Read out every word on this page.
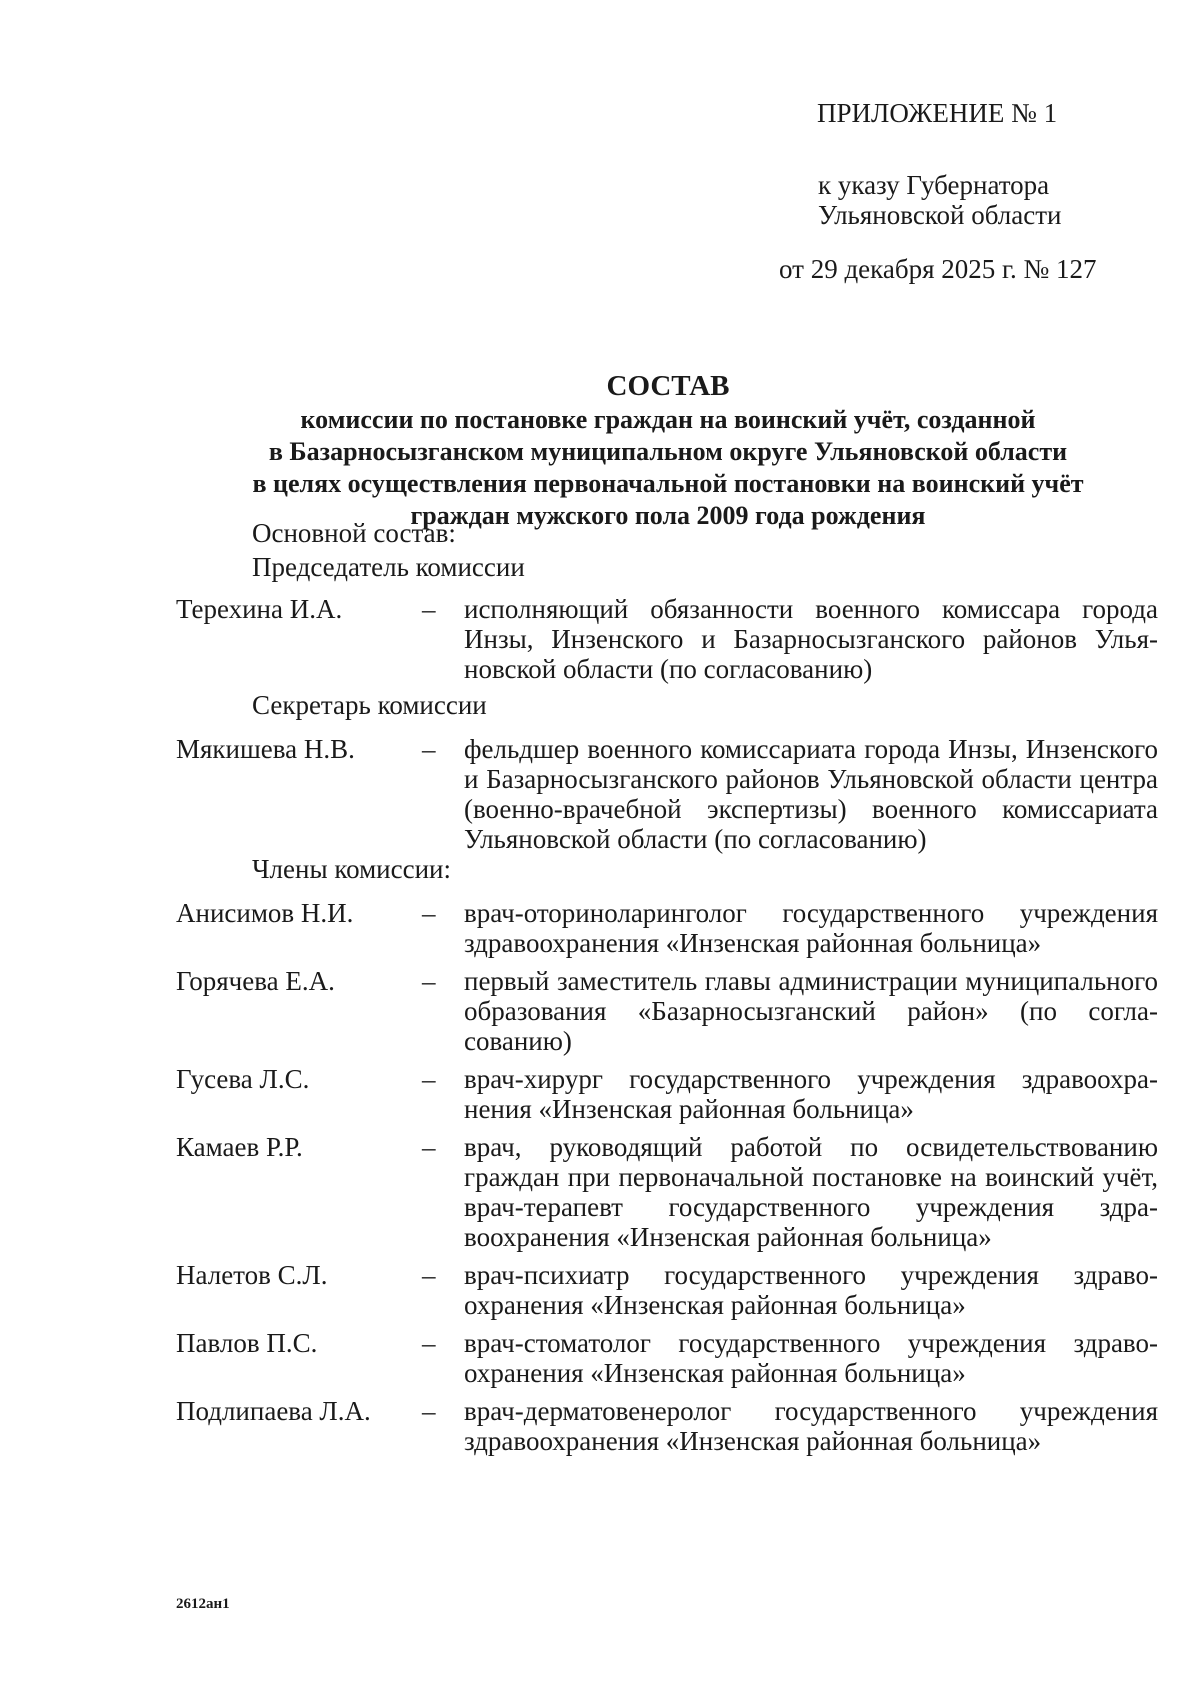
ПРИЛОЖЕНИЕ № 1
к указу Губернатора
Ульяновской области
от 29 декабря 2025 г. № 127
СОСТАВ
комиссии по постановке граждан на воинский учёт, созданной
в Базарносызганском муниципальном округе Ульяновской области
в целях осуществления первоначальной постановки на воинский учёт
граждан мужского пола 2009 года рождения
Основной состав:
Председатель комиссии
Терехина И.А.	– исполняющий обязанности военного комиссара города Инзы, Инзенского и Базарносызганского районов Ульяновской области (по согласованию)
Секретарь комиссии
Мякишева Н.В. – фельдшер военного комиссариата города Инзы, Инзенского и Базарносызганского районов Ульяновской области центра (военно-врачебной экспертизы) военного комиссариата Ульяновской области (по согласованию)
Члены комиссии:
Анисимов Н.И.	– врач-оториноларинголог государственного учреждения здравоохранения «Инзенская районная больница»
Горячева Е.А.	– первый заместитель главы администрации муниципального образования «Базарносызганский район» (по согласованию)
Гусева Л.С.	– врач-хирург государственного учреждения здравоохранения «Инзенская районная больница»
Камаев Р.Р.	– врач, руководящий работой по освидетельствованию граждан при первоначальной постановке на воинский учёт, врач-терапевт государственного учреждения здравоохранения «Инзенская районная больница»
Налетов С.Л.	– врач-психиатр государственного учреждения здравоохранения «Инзенская районная больница»
Павлов П.С.	– врач-стоматолог государственного учреждения здравоохранения «Инзенская районная больница»
Подлипаева Л.А. – врач-дерматовенеролог государственного учреждения здравоохранения «Инзенская районная больница»
2612ан1
